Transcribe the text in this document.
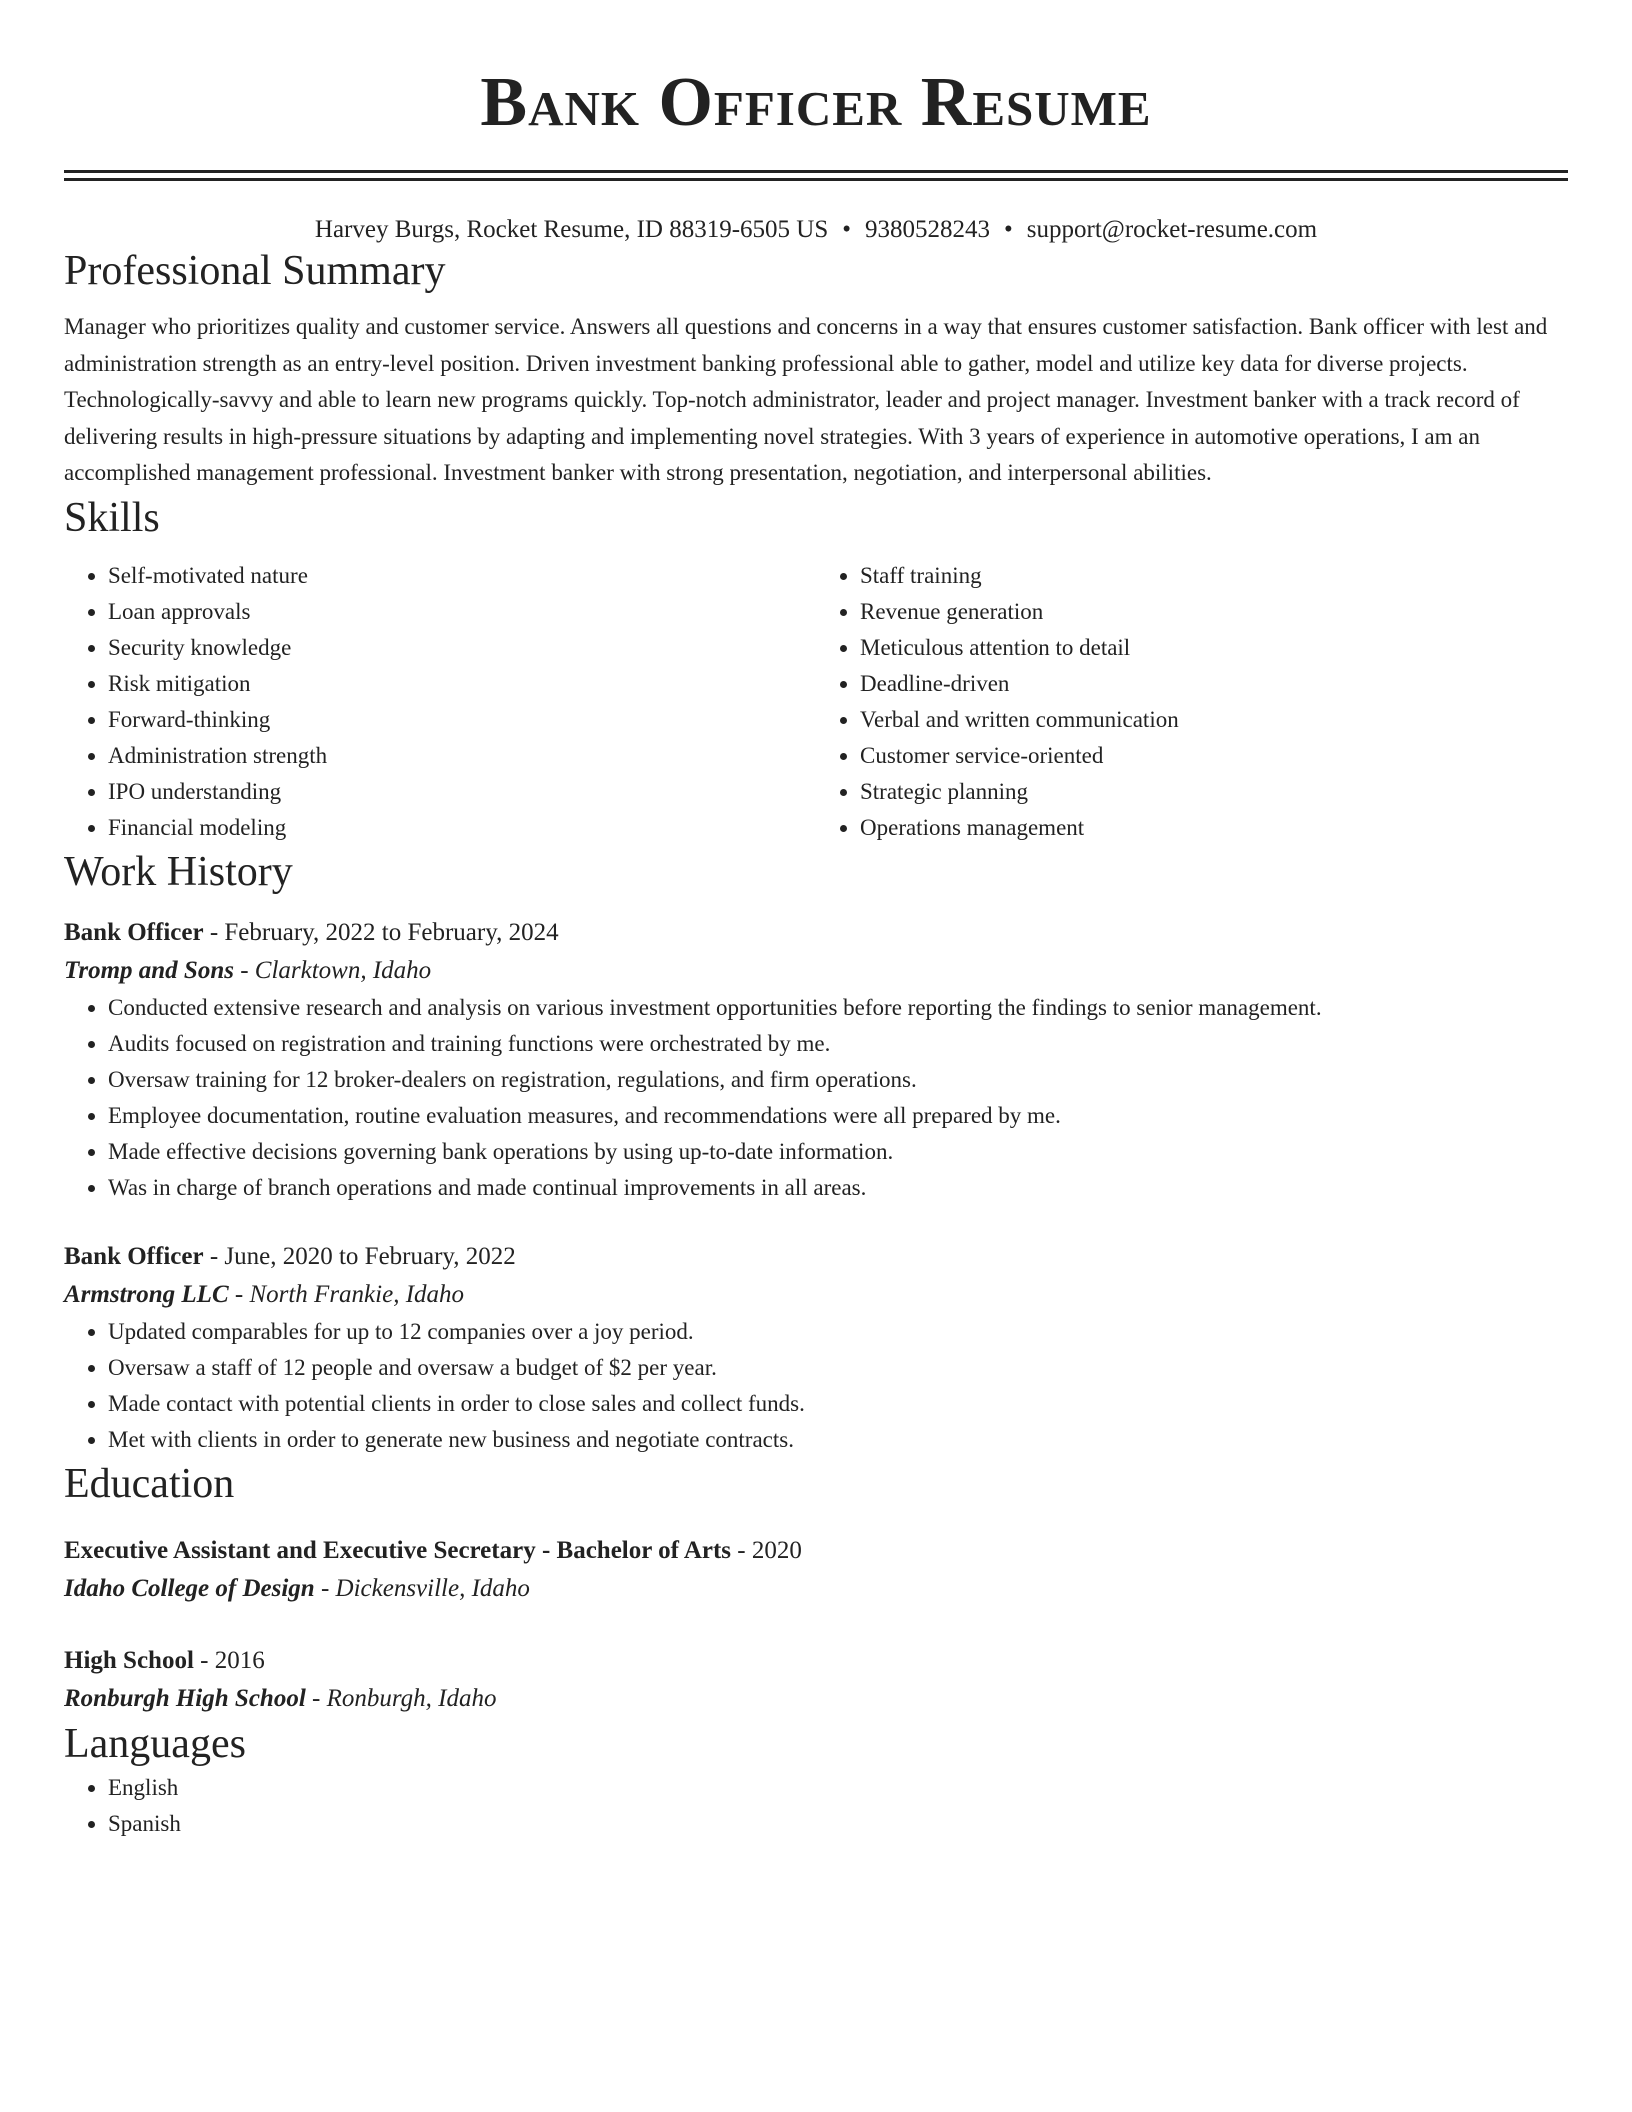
Bank Officer Resume
Harvey Burgs, Rocket Resume, ID 88319-6505 US • 9380528243 • support@rocket-resume.com
Professional Summary

Manager who prioritizes quality and customer service. Answers all questions and concerns in a way that ensures customer satisfaction. Bank officer with lest and administration strength as an entry-level position. Driven investment banking professional able to gather, model and utilize key data for diverse projects. Technologically-savvy and able to learn new programs quickly. Top-notch administrator, leader and project manager. Investment banker with a track record of delivering results in high-pressure situations by adapting and implementing novel strategies. With 3 years of experience in automotive operations, I am an accomplished management professional. Investment banker with strong presentation, negotiation, and interpersonal abilities.

Skills
• Self-motivated nature
• Loan approvals
• Security knowledge
• Risk mitigation
• Forward-thinking
• Administration strength
• IPO understanding
• Financial modeling
• Staff training
• Revenue generation
• Meticulous attention to detail
• Deadline-driven
• Verbal and written communication
• Customer service-oriented
• Strategic planning
• Operations management
Work History
Bank Officer - February, 2022 to February, 2024
Tromp and Sons - Clarktown, Idaho
• Conducted extensive research and analysis on various investment opportunities before reporting the findings to senior management.
• Audits focused on registration and training functions were orchestrated by me.
• Oversaw training for 12 broker-dealers on registration, regulations, and firm operations.
• Employee documentation, routine evaluation measures, and recommendations were all prepared by me.
• Made effective decisions governing bank operations by using up-to-date information.
• Was in charge of branch operations and made continual improvements in all areas.
Bank Officer - June, 2020 to February, 2022
Armstrong LLC - North Frankie, Idaho
• Updated comparables for up to 12 companies over a joy period.
• Oversaw a staff of 12 people and oversaw a budget of $2 per year.
• Made contact with potential clients in order to close sales and collect funds.
• Met with clients in order to generate new business and negotiate contracts.
Education
Executive Assistant and Executive Secretary - Bachelor of Arts - 2020
Idaho College of Design - Dickensville, Idaho
High School - 2016
Ronburgh High School - Ronburgh, Idaho
Languages
• English
• Spanish
